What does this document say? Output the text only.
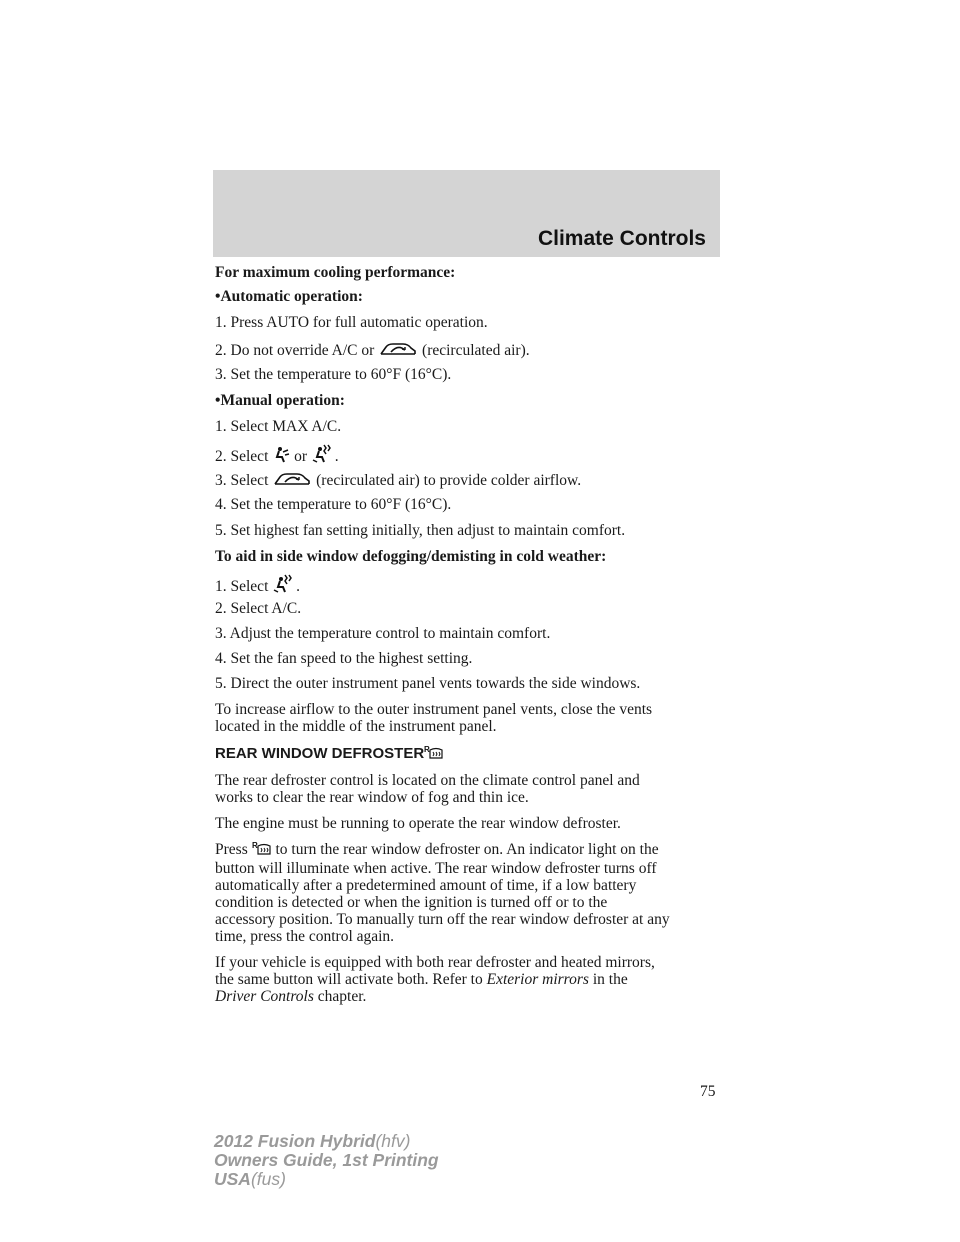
Climate Controls
For maximum cooling performance:
•Automatic operation:
1. Press AUTO for full automatic operation.
2. Do not override A/C or	(recirculated air).
3. Set the temperature to 60°F (16°C).
•Manual operation:
1. Select MAX A/C.
2. Select or .
3. Select	(recirculated air) to provide colder airflow.
4. Set the temperature to 60°F (16°C).
5. Set highest fan setting initially, then adjust to maintain comfort.
To aid in side window defogging/demisting in cold weather:
1. Select .
2. Select A/C.
3. Adjust the temperature control to maintain comfort.
4. Set the fan speed to the highest setting.
5. Direct the outer instrument panel vents towards the side windows.
To increase airflow to the outer instrument panel vents, close the vents
located in the middle of the instrument panel.
REAR WINDOW DEFROSTER R
The rear defroster control is located on the climate control panel and
works to clear the rear window of fog and thin ice.
The engine must be running to operate the rear window defroster.
Press R to turn the rear window defroster on. An indicator light on the
button will illuminate when active. The rear window defroster turns off
automatically after a predetermined amount of time, if a low battery
condition is detected or when the ignition is turned off or to the
accessory position. To manually turn off the rear window defroster at any
time, press the control again.
If your vehicle is equipped with both rear defroster and heated mirrors,
the same button will activate both. Refer to Exterior mirrors in the
Driver Controls chapter.
75
2012 Fusion Hybrid(hfv)
Owners Guide, 1st Printing
USA(fus)
